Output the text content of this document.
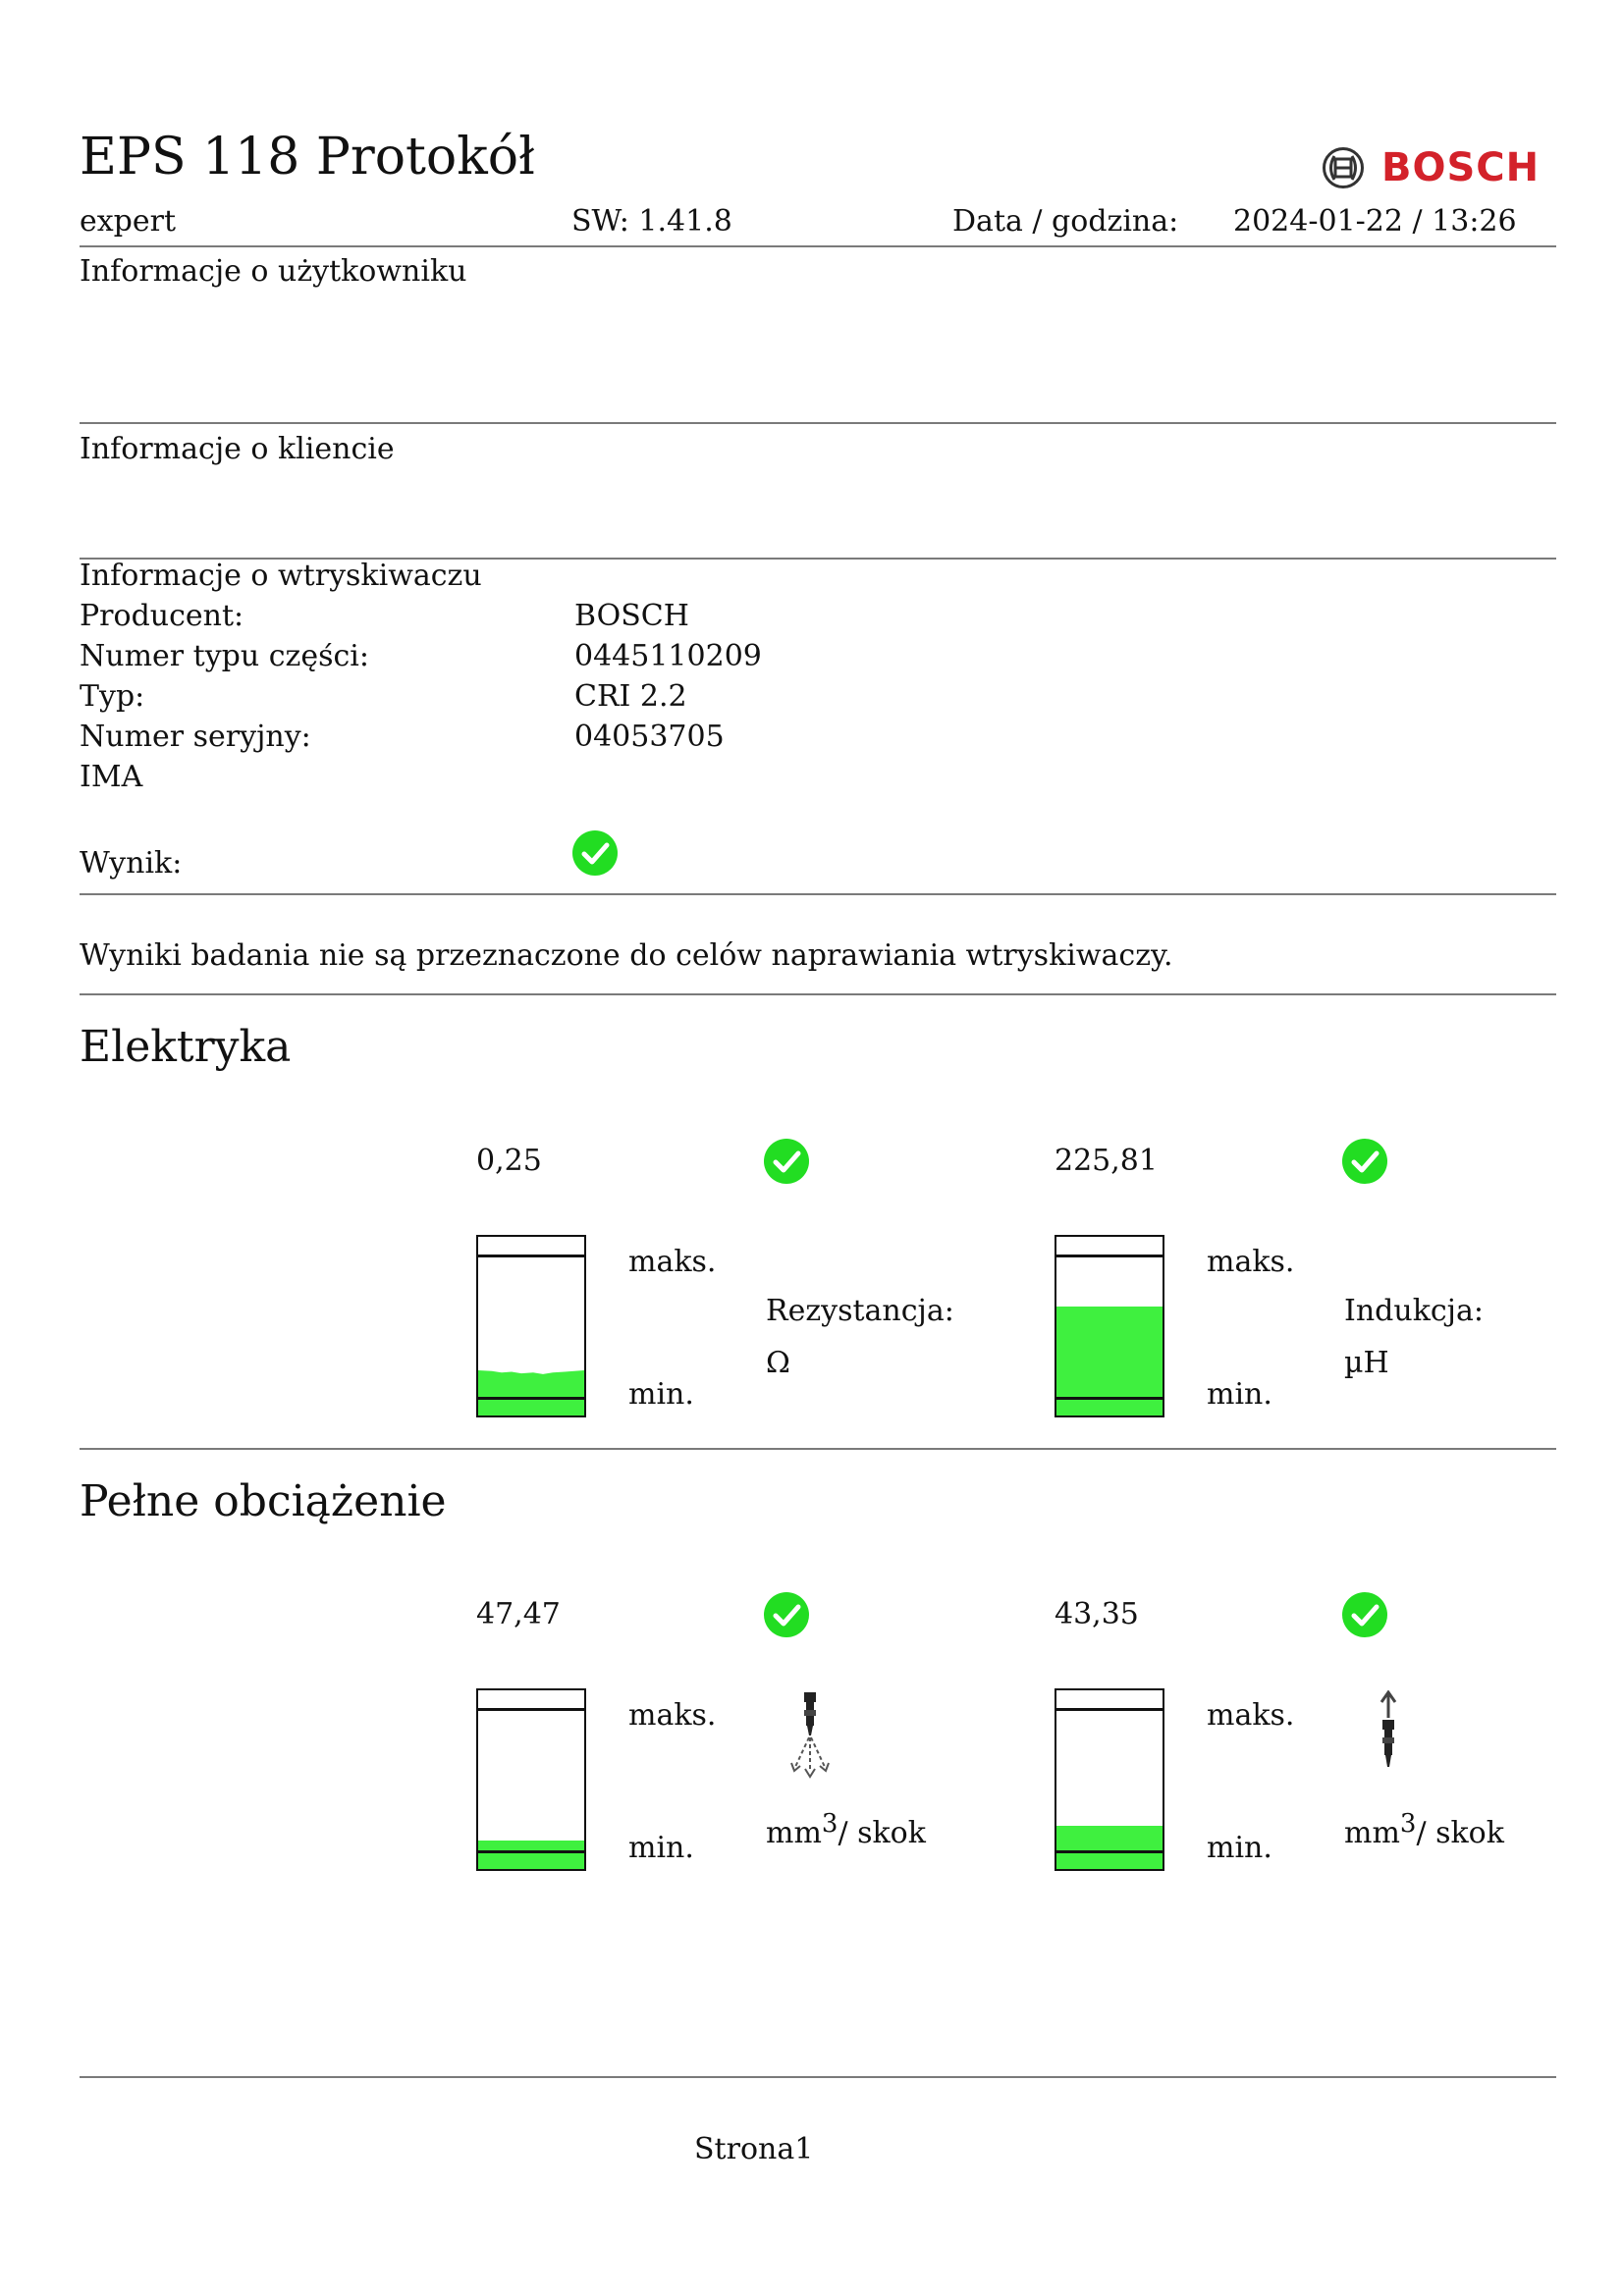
EPS 118 Protokół	BOSCH
expert	SW: 1.41.8	Data / godzina: 2024-01-22 / 13:26
Informacje o użytkowniku
Informacje o kliencie
Informacje o wtryskiwaczu
Producent:	BOSCH
Numer typu części:	0445110209
Typ:	CRI 2.2
Numer seryjny:	04053705
IMA
Wynik:
Wyniki badania nie są przeznaczone do celów naprawiania wtryskiwaczy.
Elektryka
0,25
maks.
min.
Rezystancja:
Ω
225,81
maks.
min.
Indukcja:
µH
Pełne obciążenie
47,47
maks.
min. $mm^3/$ skok
43,35
maks.
min. $mm^3/$ skok
Strona1
